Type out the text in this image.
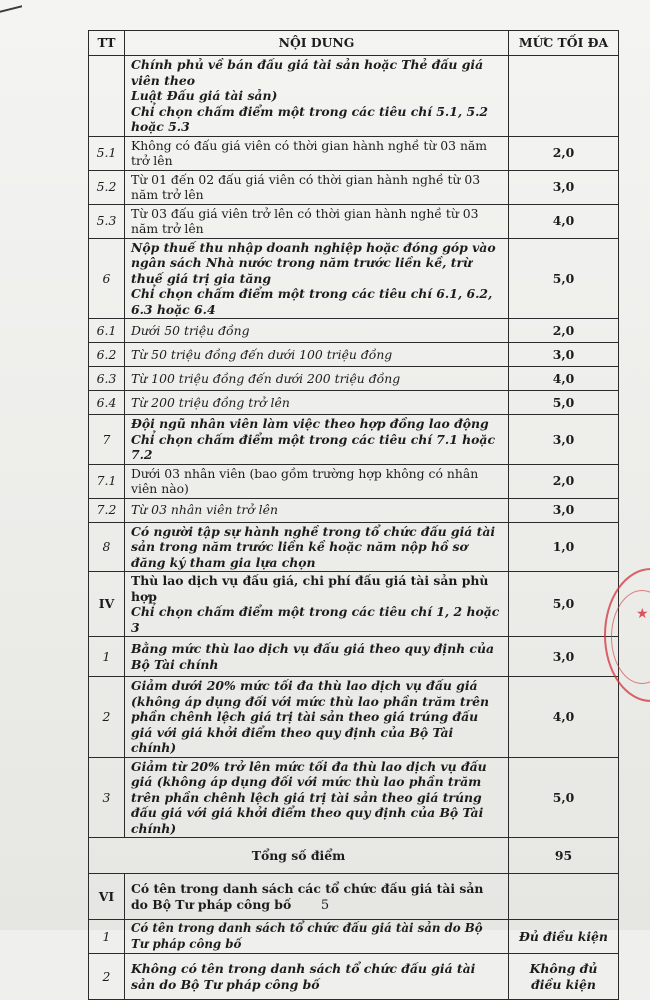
TT	NỘI DUNG	MỨC TỐI ĐA

	Chính phủ về bán đấu giá tài sản hoặc Thẻ đấu giá viên theo
Luật Đấu giá tài sản)
Chỉ chọn chấm điểm một trong các tiêu chí 5.1, 5.2 hoặc 5.3	

5.1	Không có đấu giá viên có thời gian hành nghề từ 03 năm trở lên	2,0
5.2	Từ 01 đến 02 đấu giá viên có thời gian hành nghề từ 03 năm trở lên	3,0
5.3	Từ 03 đấu giá viên trở lên có thời gian hành nghề từ 03 năm trở lên	4,0
6	Nộp thuế thu nhập doanh nghiệp hoặc đóng góp vào ngân sách Nhà nước trong năm trước liền kề, trừ thuế giá trị gia tăng
Chỉ chọn chấm điểm một trong các tiêu chí 6.1, 6.2, 6.3 hoặc 6.4	5,0
6.1	Dưới 50 triệu đồng	2,0
6.2	Từ 50 triệu đồng đến dưới 100 triệu đồng	3,0
6.3	Từ 100 triệu đồng đến dưới 200 triệu đồng	4,0
6.4	Từ 200 triệu đồng trở lên	5,0
7	Đội ngũ nhân viên làm việc theo hợp đồng lao động
Chỉ chọn chấm điểm một trong các tiêu chí 7.1 hoặc 7.2	3,0
7.1	Dưới 03 nhân viên (bao gồm trường hợp không có nhân viên nào)	2,0
7.2	Từ 03 nhân viên trở lên	3,0
8	Có người tập sự hành nghề trong tổ chức đấu giá tài sản trong năm trước liền kề hoặc năm nộp hồ sơ đăng ký tham gia lựa chọn	1,0
IV	Thù lao dịch vụ đấu giá, chi phí đấu giá tài sản phù hợp
Chỉ chọn chấm điểm một trong các tiêu chí 1, 2 hoặc 3	5,0
1	Bằng mức thù lao dịch vụ đấu giá theo quy định của Bộ Tài chính	3,0
2	Giảm dưới 20% mức tối đa thù lao dịch vụ đấu giá (không áp dụng đối với mức thù lao phần trăm trên phần chênh lệch giá trị tài sản theo giá trúng đấu giá với giá khởi điểm theo quy định của Bộ Tài chính)	4,0
3	Giảm từ 20% trở lên mức tối đa thù lao dịch vụ đấu giá (không áp dụng đối với mức thù lao phần trăm trên phần chênh lệch giá trị tài sản theo giá trúng đấu giá với giá khởi điểm theo quy định của Bộ Tài chính)	5,0
Tổng số điểm		95
VI	Có tên trong danh sách các tổ chức đấu giá tài sản do Bộ Tư pháp công bố	
1	Có tên trong danh sách tổ chức đấu giá tài sản do Bộ Tư pháp công bố	Đủ điều kiện
2	Không có tên trong danh sách tổ chức đấu giá tài sản do Bộ Tư pháp công bố	Không đủ điều kiện
★
5
